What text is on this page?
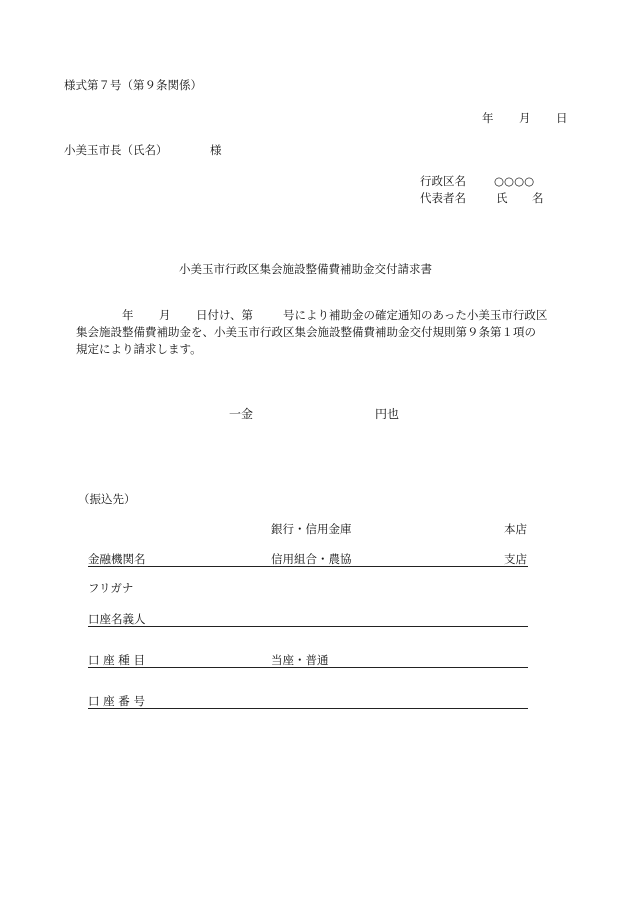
様式第７号（第９条関係）
年 月 日
小美玉市長（氏名）	様
行政区名 ○○○○
代表者名	氏 名
小美玉市行政区集会施設整備費補助金交付請求書
年 月 日付け、第	号により補助金の確定通知のあった小美玉市行政区
集会施設整備費補助金を、小美玉市行政区集会施設整備費補助金交付規則第９条第１項の
規定により請求します。
一金	円也
（振込先）
銀行・信用金庫	本店
金融機関名	信用組合・農協	支店
フリガナ
口座名義人
口 座 種 目	当座・普通
口 座 番 号
